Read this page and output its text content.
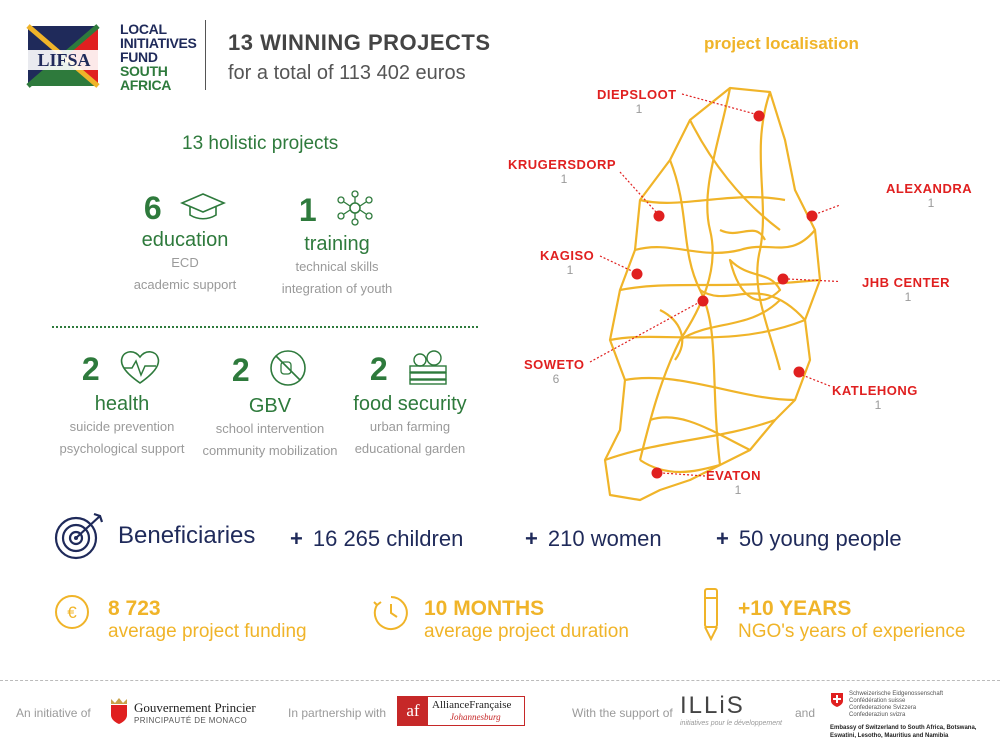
LIFSA
LOCAL
INITIATIVES
FUND
SOUTH
AFRICA
13 WINNING PROJECTS
for a total of 113 402 euros
project localisation
13 holistic projects
6
education
ECD
academic support
1
training
technical skills
integration of youth
2
health
suicide prevention
psychological support
2
GBV
school intervention
community mobilization
2
food security
urban farming
educational garden
DIEPSLOOT
1
KRUGERSDORP
1
ALEXANDRA
1
KAGISO
1
JHB CENTER
1
SOWETO
6
KATLEHONG
1
EVATON
1
Beneficiaries + 16 265 children	+ 210 women + 50 young people
€ 8 723
average project funding
10 MONTHS
average project duration
+10 YEARS
NGO's years of experience
An initiative of	Gouvernement Princier
PRINCIPAUTÉ DE MONACO
In partnership with	af	AllianceFrançaise
Johannesburg	With the support of ILLiS
initiatives pour le développement
and
Schweizerische Eidgenossenschaft
Confédération suisse
Confederazione Svizzera
Confederaziun svizra
Embassy of Switzerland to South Africa, Botswana,
Eswatini, Lesotho, Mauritius and Namibia
